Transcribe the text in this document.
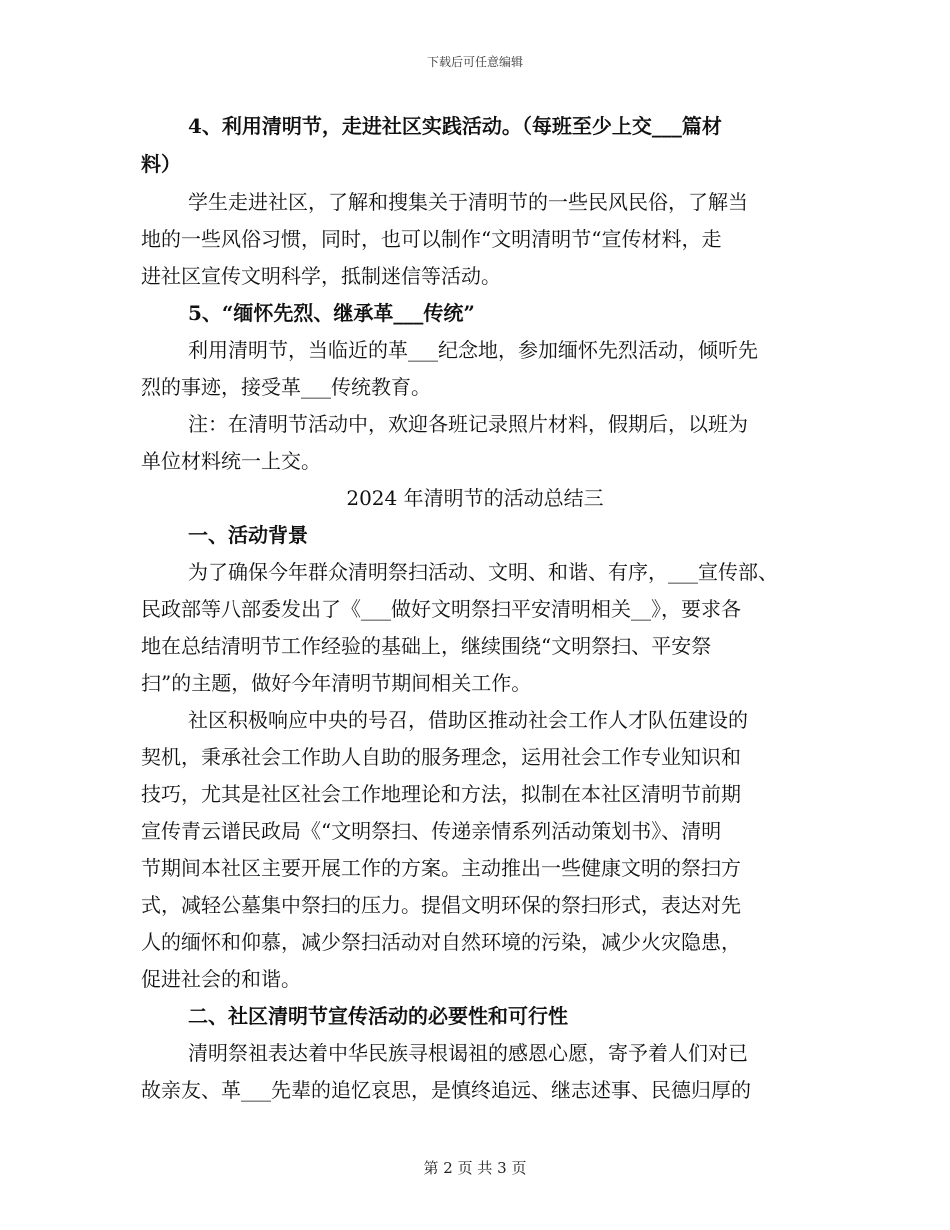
下载后可任意编辑
4、利用清明节，走进社区实践活动。（每班至少上交___篇材
料）
学生走进社区，了解和搜集关于清明节的一些民风民俗，了解当
地的一些风俗习惯，同时，也可以制作“文明清明节“宣传材料，走
进社区宣传文明科学，抵制迷信等活动。
5、“缅怀先烈、继承革___传统”
利用清明节，当临近的革___纪念地，参加缅怀先烈活动，倾听先
烈的事迹，接受革___传统教育。
注：在清明节活动中，欢迎各班记录照片材料，假期后，以班为
单位材料统一上交。
2024 年清明节的活动总结三
一、活动背景
为了确保今年群众清明祭扫活动、文明、和谐、有序，___宣传部、
民政部等八部委发出了《___做好文明祭扫平安清明相关__》，要求各
地在总结清明节工作经验的基础上，继续围绕“文明祭扫、平安祭
扫”的主题，做好今年清明节期间相关工作。
社区积极响应中央的号召，借助区推动社会工作人才队伍建设的
契机，秉承社会工作助人自助的服务理念，运用社会工作专业知识和
技巧，尤其是社区社会工作地理论和方法，拟制在本社区清明节前期
宣传青云谱民政局《“文明祭扫、传递亲情系列活动策划书》、清明
节期间本社区主要开展工作的方案。主动推出一些健康文明的祭扫方
式，减轻公墓集中祭扫的压力。提倡文明环保的祭扫形式，表达对先
人的缅怀和仰慕，减少祭扫活动对自然环境的污染，减少火灾隐患，
促进社会的和谐。
二、社区清明节宣传活动的必要性和可行性
清明祭祖表达着中华民族寻根谒祖的感恩心愿，寄予着人们对已
故亲友、革___先辈的追忆哀思，是慎终追远、继志述事、民德归厚的
第 2 页 共 3 页
